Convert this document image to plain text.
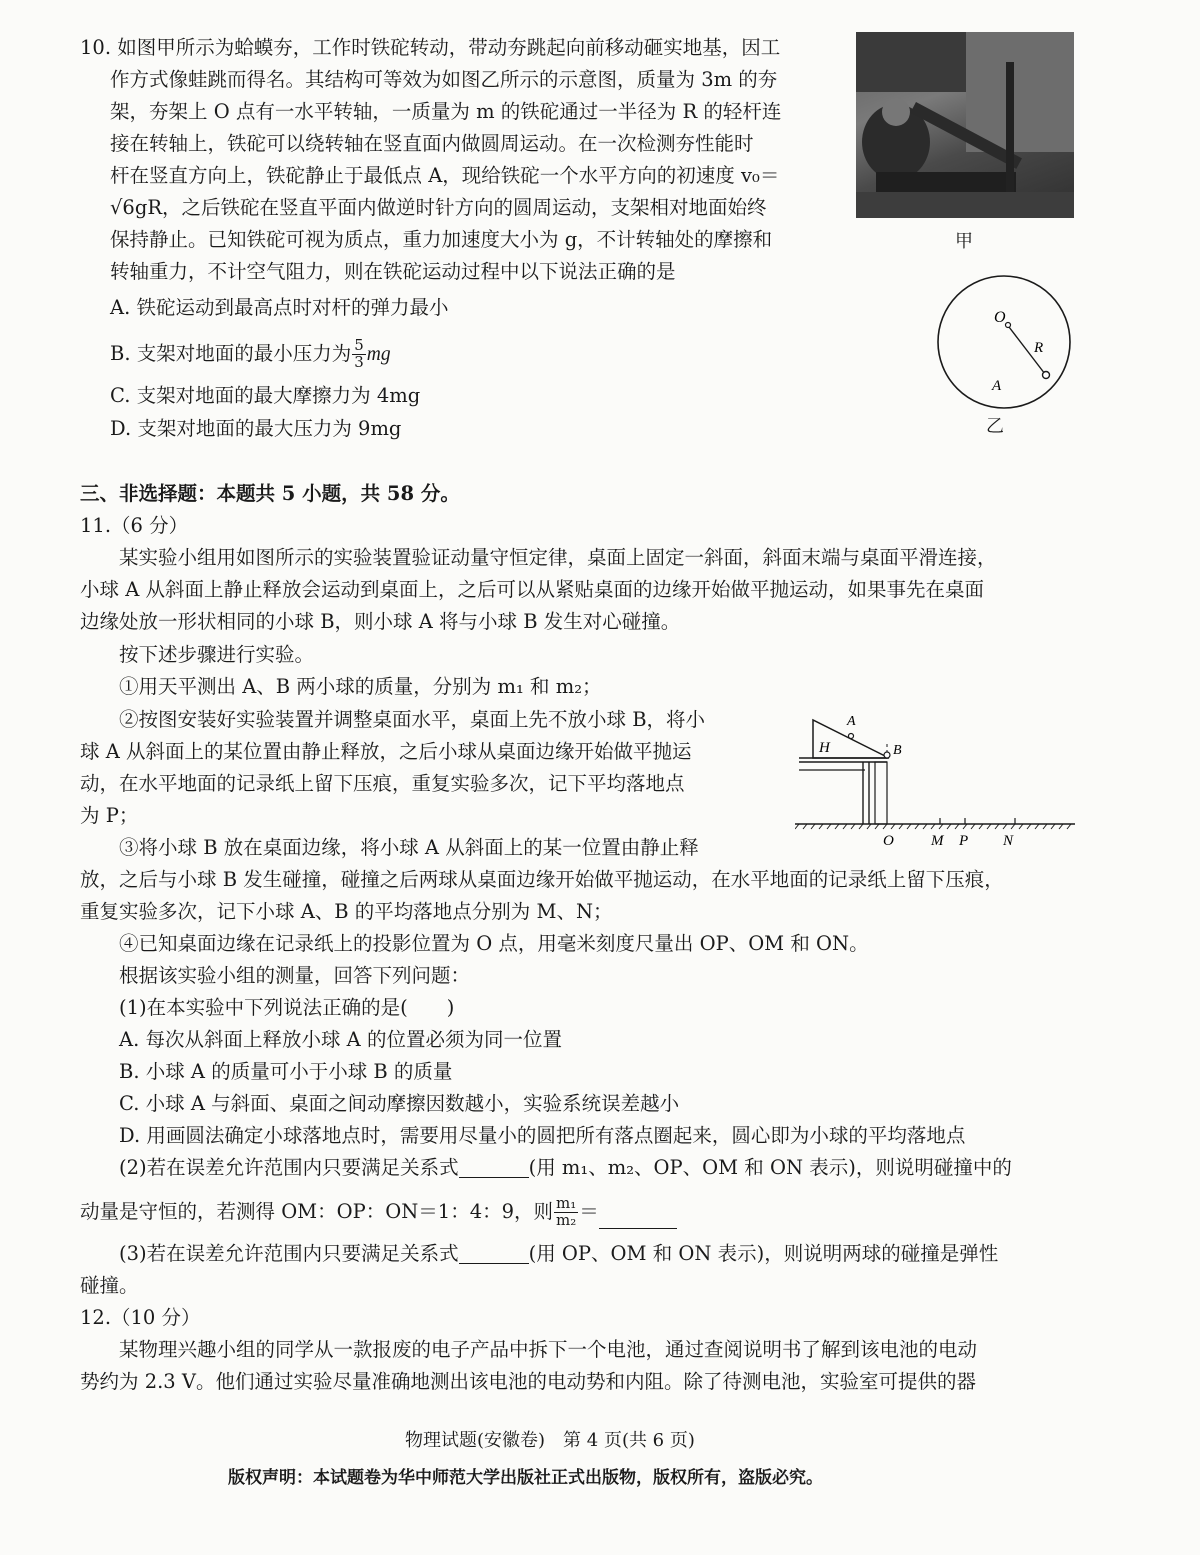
10. 如图甲所示为蛤蟆夯，工作时铁砣转动，带动夯跳起向前移动砸实地基，因工
作方式像蛙跳而得名。其结构可等效为如图乙所示的示意图，质量为 3m 的夯
架，夯架上 O 点有一水平转轴，一质量为 m 的铁砣通过一半径为 R 的轻杆连
接在转轴上，铁砣可以绕转轴在竖直面内做圆周运动。在一次检测夯性能时
杆在竖直方向上，铁砣静止于最低点 A，现给铁砣一个水平方向的初速度 v₀＝
√6gR，之后铁砣在竖直平面内做逆时针方向的圆周运动，支架相对地面始终
保持静止。已知铁砣可视为质点，重力加速度大小为 g，不计转轴处的摩擦和
转轴重力，不计空气阻力，则在铁砣运动过程中以下说法正确的是
A. 铁砣运动到最高点时对杆的弹力最小
B. 支架对地面的最小压力为 $\frac{5}{3}$ mg
C. 支架对地面的最大摩擦力为 4mg
D. 支架对地面的最大压力为 9mg
甲
O
R
A
乙
三、非选择题：本题共 5 小题，共 58 分。
11.（6 分）
某实验小组用如图所示的实验装置验证动量守恒定律，桌面上固定一斜面，斜面末端与桌面平滑连接，
小球 A 从斜面上静止释放会运动到桌面上，之后可以从紧贴桌面的边缘开始做平抛运动，如果事先在桌面
边缘处放一形状相同的小球 B，则小球 A 将与小球 B 发生对心碰撞。
按下述步骤进行实验。
①用天平测出 A、B 两小球的质量，分别为 m₁ 和 m₂；
②按图安装好实验装置并调整桌面水平，桌面上先不放小球 B，将小
球 A 从斜面上的某位置由静止释放，之后小球从桌面边缘开始做平抛运
动，在水平地面的记录纸上留下压痕，重复实验多次，记下平均落地点
为 P；
③将小球 B 放在桌面边缘，将小球 A 从斜面上的某一位置由静止释
放，之后与小球 B 发生碰撞，碰撞之后两球从桌面边缘开始做平抛运动，在水平地面的记录纸上留下压痕，
重复实验多次，记下小球 A、B 的平均落地点分别为 M、N；
④已知桌面边缘在记录纸上的投影位置为 O 点，用毫米刻度尺量出 OP、OM 和 ON。
根据该实验小组的测量，回答下列问题：
(1)在本实验中下列说法正确的是(　　)
A. 每次从斜面上释放小球 A 的位置必须为同一位置
B. 小球 A 的质量可小于小球 B 的质量
C. 小球 A 与斜面、桌面之间动摩擦因数越小，实验系统误差越小
D. 用画圆法确定小球落地点时，需要用尽量小的圆把所有落点圈起来，圆心即为小球的平均落地点
(2)若在误差允许范围内只要满足关系式	(用 m₁、m₂、OP、OM 和 ON 表示)，则说明碰撞中的
动量是守恒的，若测得 OM：OP：ON＝1：4：9，则 $\frac{\text{m₁}}{\text{m₂}}$ ＝
(3)若在误差允许范围内只要满足关系式	(用 OP、OM 和 ON 表示)，则说明两球的碰撞是弹性
碰撞。
H
A
B
O M P N
12.（10 分）
某物理兴趣小组的同学从一款报废的电子产品中拆下一个电池，通过查阅说明书了解到该电池的电动
势约为 2.3 V。他们通过实验尽量准确地测出该电池的电动势和内阻。除了待测电池，实验室可提供的器
物理试题(安徽卷)　第 4 页(共 6 页)
版权声明：本试题卷为华中师范大学出版社正式出版物，版权所有，盗版必究。
